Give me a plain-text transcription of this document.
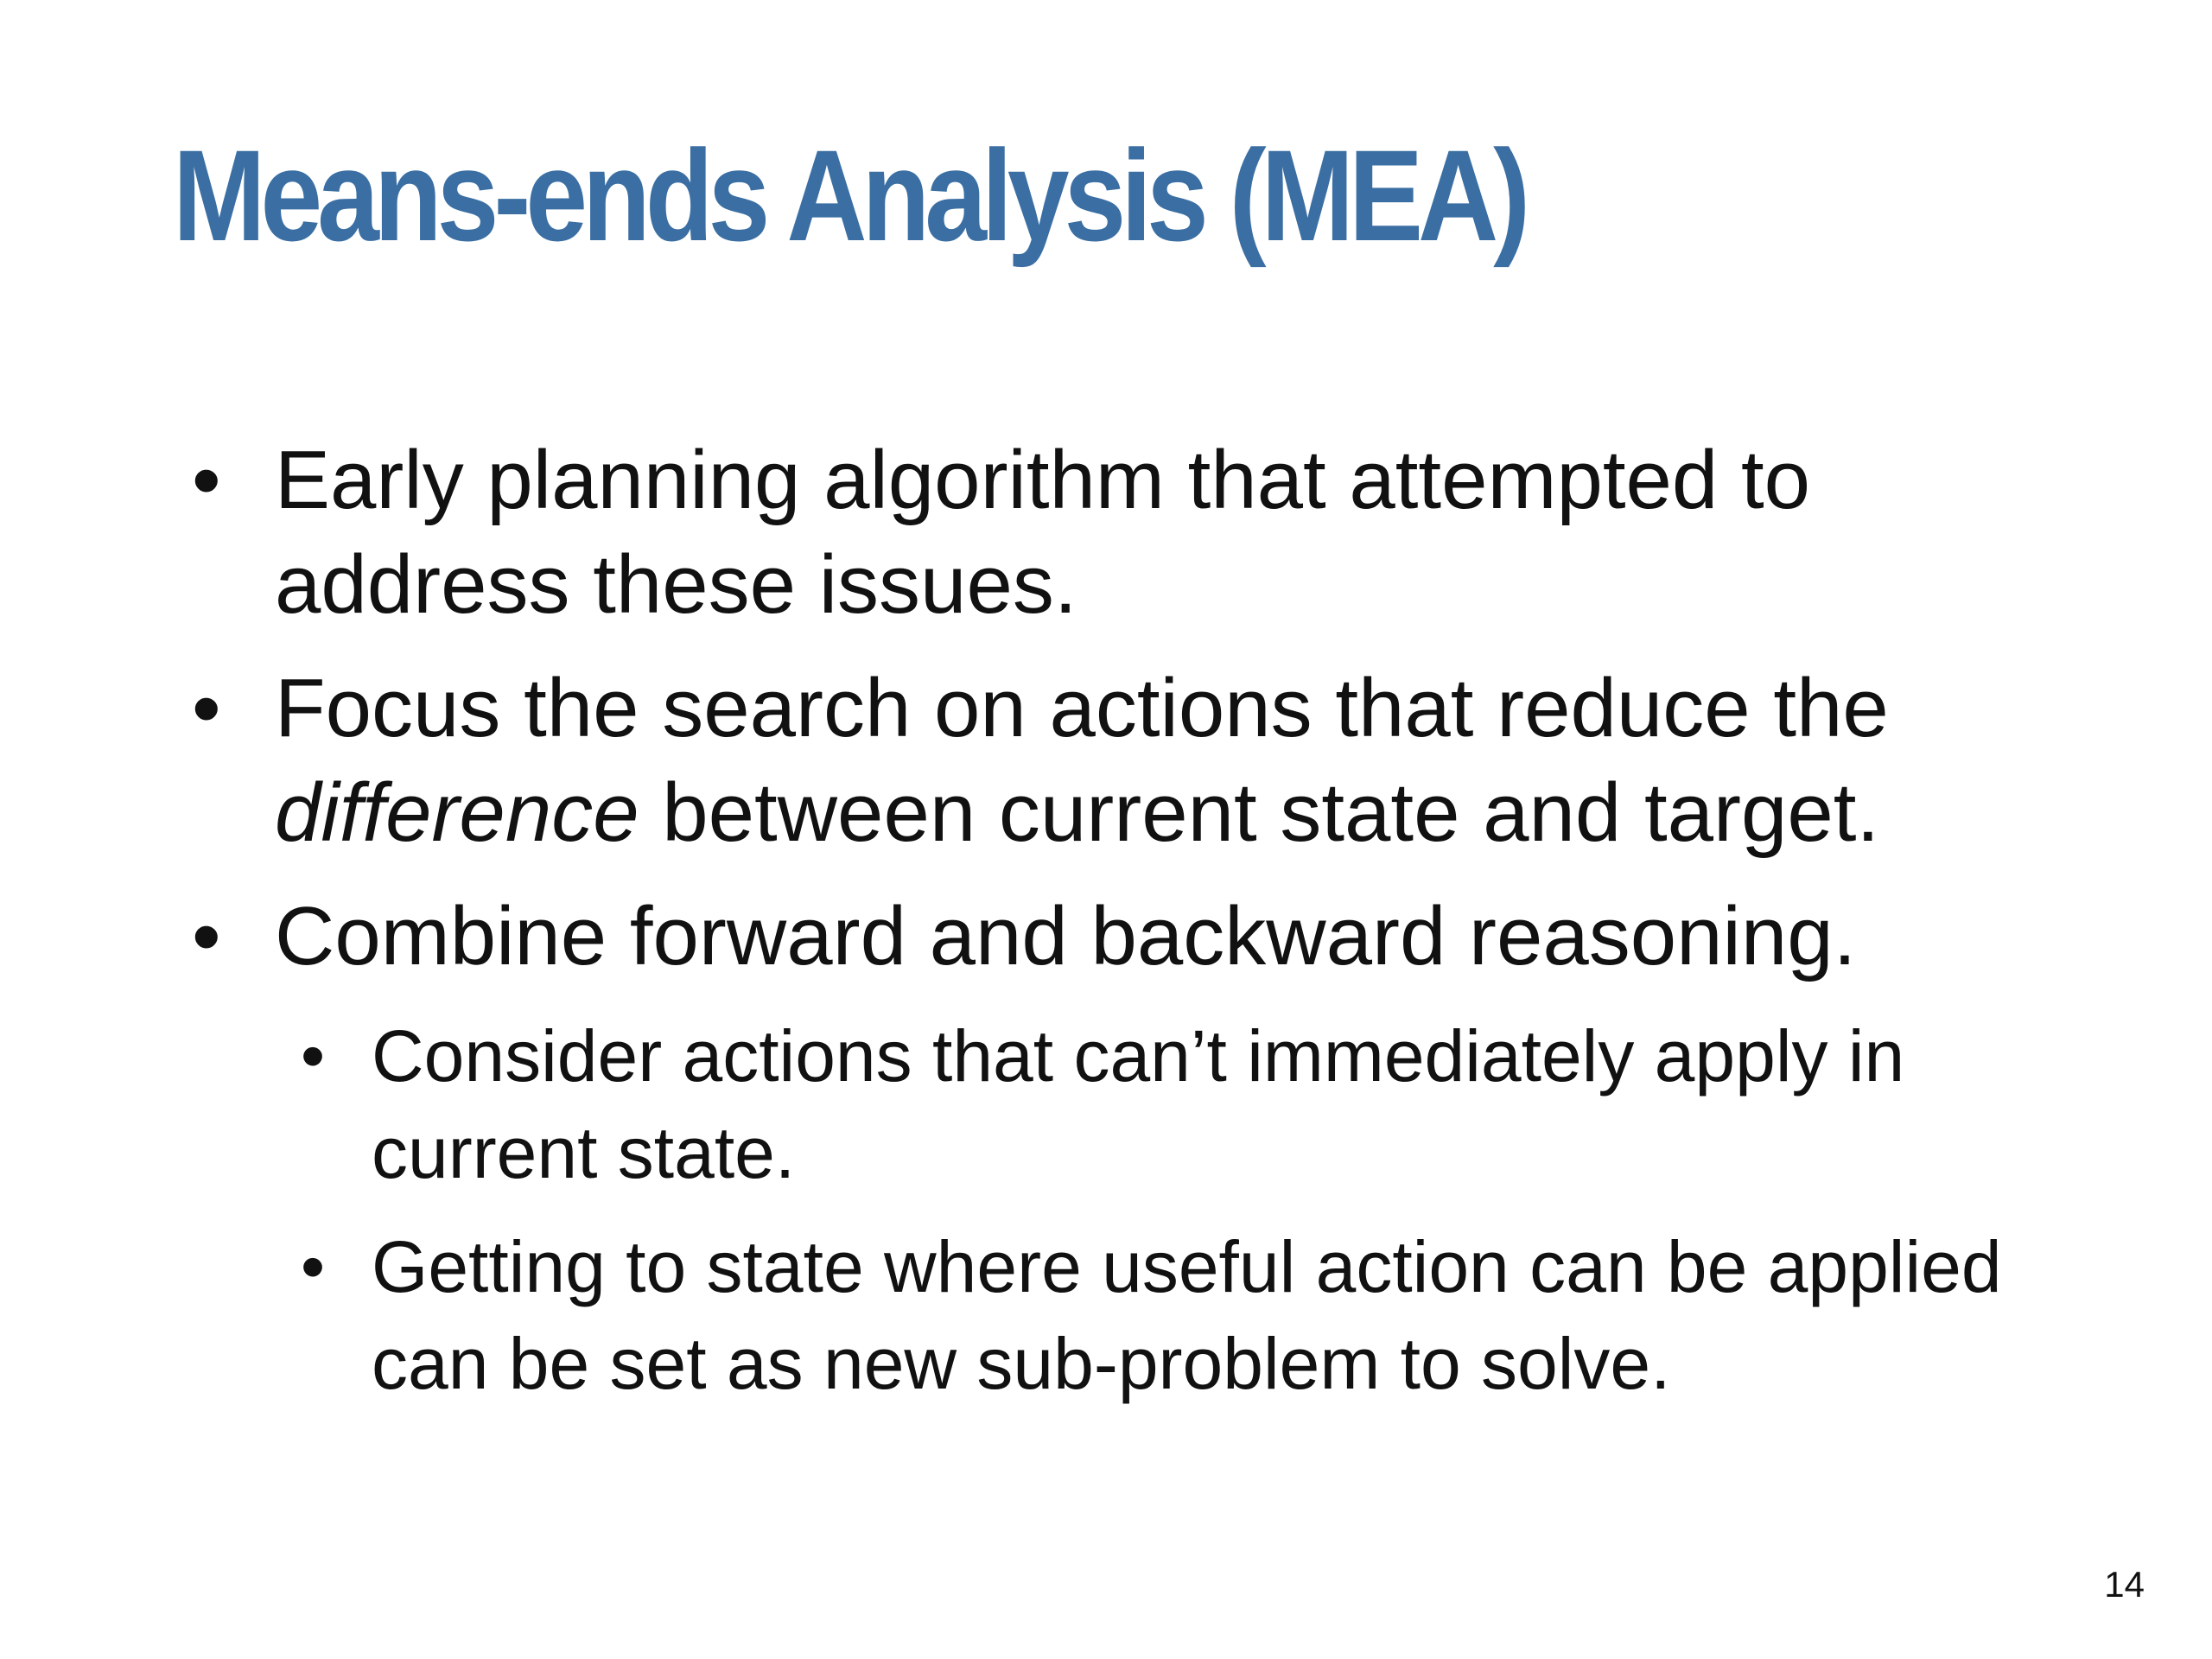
Means-ends Analysis (MEA)
• Early planning algorithm that attempted to address these issues.
• Focus the search on actions that reduce the difference between current state and target.
• Combine forward and backward reasoning.
• Consider actions that can’t immediately apply in current state.
• Getting to state where useful action can be applied can be set as new sub-problem to solve.
14
